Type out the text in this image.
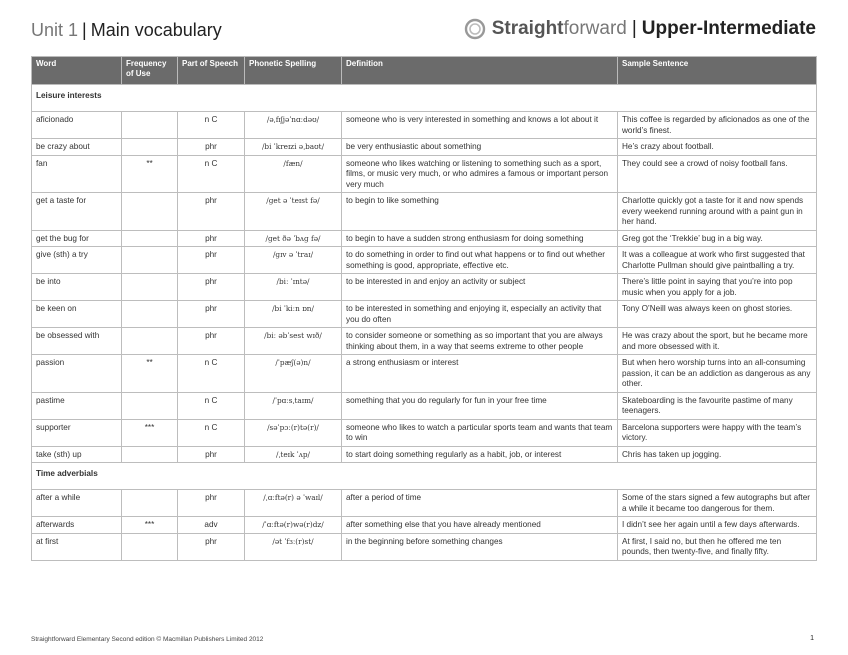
Unit 1 | Main vocabulary	Straight forward | Upper-Intermediate
Word	Frequency of Use	Part of Speech	Phonetic Spelling	Definition	Sample Sentence
Leisure interests					
aficionado		n C	/əˌfɪʃjəˈnɑːdəʊ/	someone who is very interested in something and knows a lot about it	This coffee is regarded by aficionados as one of the world’s finest.
be crazy about		phr	/bi ˈkreɪzi əˌbaʊt/	be very enthusiastic about something	He’s crazy about football.
fan	**	n C	/fæn/	someone who likes watching or listening to something such as a sport, films, or music very much, or who admires a famous or important person very much	They could see a crowd of noisy football fans.
get a taste for		phr	/ɡet ə ˈteɪst fə/	to begin to like something	Charlotte quickly got a taste for it and now spends every weekend running around with a paint gun in her hand.
get the bug for		phr	/ɡet ðə ˈbʌɡ fə/	to begin to have a sudden strong enthusiasm for doing something	Greg got the ‘Trekkie’ bug in a big way.
give (sth) a try		phr	/ɡɪv ə ˈtraɪ/	to do something in order to find out what happens or to find out whether something is good, appropriate, effective etc.	It was a colleague at work who first suggested that Charlotte Pullman should give paintballing a try.
be into		phr	/biː ˈɪntə/	to be interested in and enjoy an activity or subject	There’s little point in saying that you’re into pop music when you apply for a job.
be keen on		phr	/bi ˈkiːn ɒn/	to be interested in something and enjoying it, especially an activity that you do often	Tony O’Neill was always keen on ghost stories.
be obsessed with		phr	/biː əbˈsest wɪð/	to consider someone or something as so important that you are always thinking about them, in a way that seems extreme to other people	He was crazy about the sport, but he became more and more obsessed with it.
passion	**	n C	/ˈpæʃ(ə)n/	a strong enthusiasm or interest	But when hero worship turns into an all-consuming passion, it can be an addiction as dangerous as any other.
pastime		n C	/ˈpɑːsˌtaɪm/	something that you do regularly for fun in your free time	Skateboarding is the favourite pastime of many teenagers.
supporter	***	n C	/səˈpɔː(r)tə(r)/	someone who likes to watch a particular sports team and wants that team to win	Barcelona supporters were happy with the team’s victory.
take (sth) up		phr	/ˌteɪk ˈʌp/	to start doing something regularly as a habit, job, or interest	Chris has taken up jogging.
Time adverbials					
after a while		phr	/ˌɑːftə(r) ə ˈwaɪl/	after a period of time	Some of the stars signed a few autographs but after a while it became too dangerous for them.
afterwards	***	adv	/ˈɑːftə(r)wə(r)dz/	after something else that you have already mentioned	I didn’t see her again until a few days afterwards.
at first		phr	/ət ˈfɜː(r)st/	in the beginning before something changes	At first, I said no, but then he offered me ten pounds, then twenty-five, and finally fifty.
Straightforward Elementary Second edition © Macmillan Publishers Limited 2012	1
